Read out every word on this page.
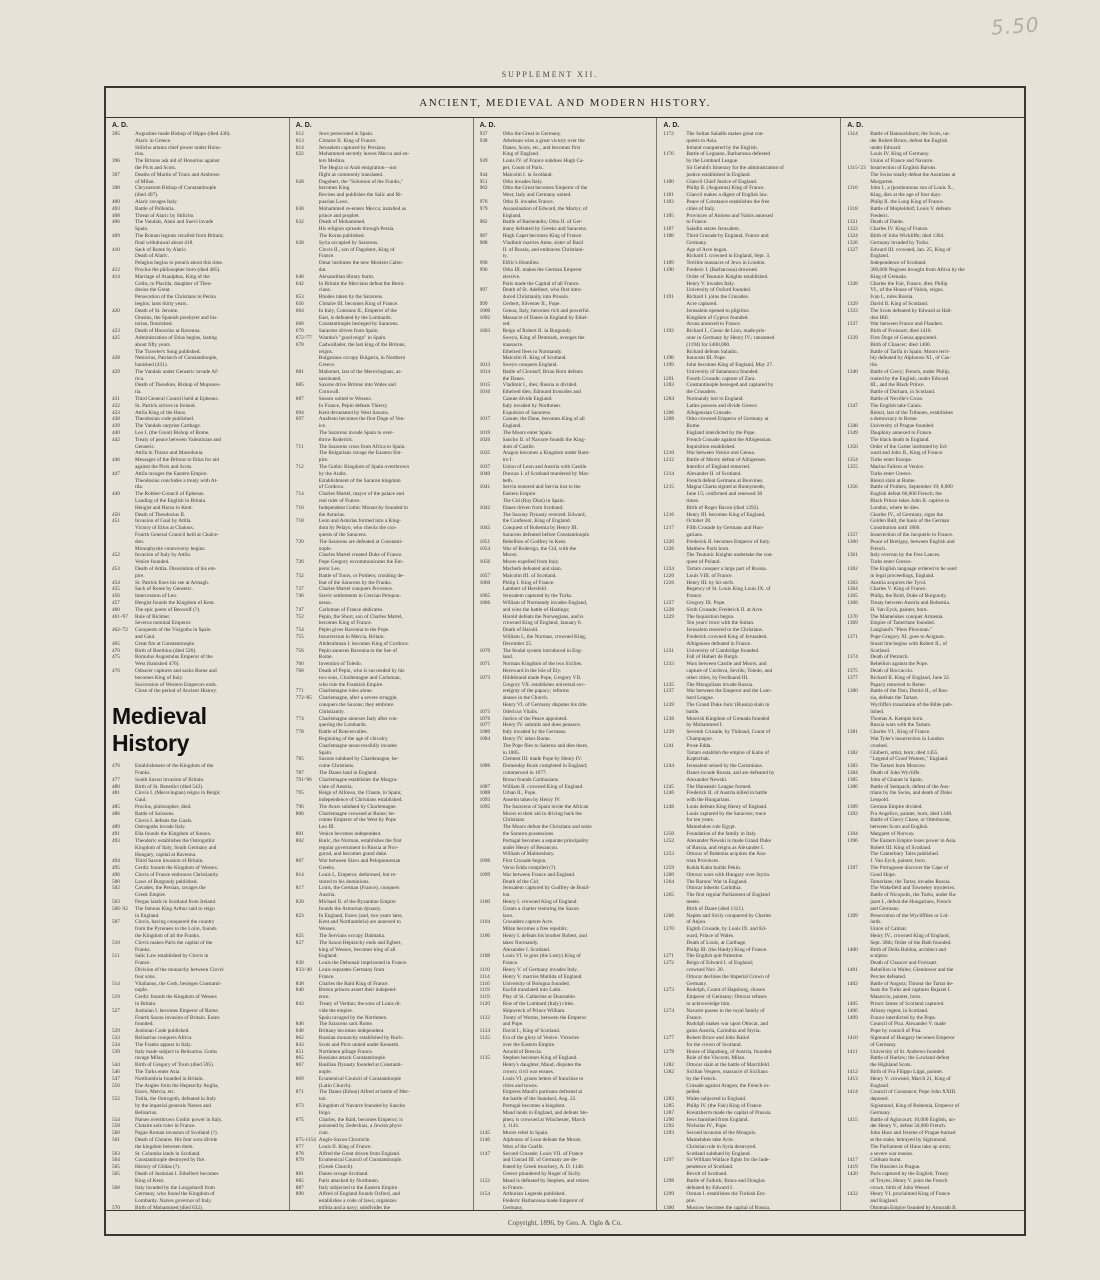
5.50
SUPPLEMENT XII.
ANCIENT, MEDIEVAL AND MODERN HISTORY.
A. D.
395	Augustine made Bishop of Hippo (died 430).
Alaric in Greece.
Stilicho attains chief power under Hono-
rius.
396	The Britons ask aid of Honorius against
the Picts and Scots.
397	Deaths of Martin of Tours and Ambrose
of Milan.
398	Chrysostom Bishop of Constantinople
(died 407).
400	Alaric ravages Italy.
403	Battle of Pollentia.
408	Threat of Alaric by Stilicho.
406	The Vandals, Alani and Suevi invade
Spain.
409	The Roman legions recalled from Britain;
final withdrawal about 418.
410	Sack of Rome by Alaric.
Death of Alaric.
Pelagius begins to preach about this time.
412	Proclus the philosopher born (died 485).
414	Marriage of Ataulphus, King of the
Goths, to Placida, daughter of Theo-
dosius the Great.
Persecution of the Christians in Persia
begins; lasts thirty years.
420	Death of St. Jerome.
Orosius, the Spanish presbyter and his-
torian, flourished.
423	Death of Honorius at Ravenna.
425	Administration of Etius begins, lasting
about fifty years.
The Traveler's Song published.
428	Nestorius, Patriarch of Constantinople,
banished (431).
429	The Vandals under Genseric invade Af-
rica.
Death of Theodore, Bishop of Mopsues-
tia.
431	Third General Council held at Ephesus.
432	St. Patrick arrives in Ireland.
433	Attila King of the Huns.
438	Theodosian code published.
439	The Vandals surprise Carthage.
440	Leo I. (the Great) Bishop of Rome.
442	Treaty of peace between Valentinian and
Genseric.
Attila in Thrace and Macedonia.
446	Messages of the Britons to Etius for aid
against the Picts and Scots.
447	Attila ravages the Eastern Empire.
Theodosius concludes a treaty with At-
tila.
449	The Robber-Council of Ephesus.
Landing of the English in Britain.
Hengist and Horsa in Kent.
450	Death of Theodosius II.
451	Invasion of Gaul by Attila.
Victory of Etius at Chalons.
Fourth General Council held at Chalce-
don.
Monophysite controversy begins.
452	Invasion of Italy by Attila.
Venice founded.
453	Death of Attila. Dissolution of his em-
pire.
454	St. Patrick fixes his see at Armagh.
455	Sack of Rome by Genseric.
456	Intercession of Leo.
457	Hengist founds the Kingdom of Kent.
460	The epic poem of Beowulf (?).
461-'67	Rule of Ricimer.
Severus nominal Emperor.
462-'72	Conquests of the Visigoths in Spain
and Gaul.
465	Great fire at Constantinople.
470	Birth of Boethius (died 526).
475	Romulus Augustulus Emperor of the
West (banished 476).
476	Odoacer captures and sacks Rome and
becomes King of Italy.
Succession of Western Emperors ends.
Close of the period of Ancient History.
Medieval History
476	Establishment of the Kingdom of the
Franks.
477	South Saxon invasion of Britain.
480	Birth of St. Benedict (died 543).
481	Clovis I. (Merovingian) reigns in Belgic
Gaul.
485	Proclus, philosopher, died.
486	Battle of Soissons.
Clovis I. defeats the Gauls.
489	Ostrogoths invade Italy.
491	Ella founds the Kingdom of Sussex.
493	Theodoric establishes the Ostrogothic
Kingdom of Italy, South Germany and
Hungary, capital at Ravenna.
494	Third Saxon invasion of Britain.
495	Cerdic founds the Kingdom of Wessex.
496	Clovis of France embraces Christianity.
500	Laws of Burgundy published.
502	Cavades, the Persian, ravages the
Greek Empire.
503	Fergus lands in Scotland from Ireland.
506-'42	The famous King Arthur said to reign
in England.
507	Clovis, having conquered the country
from the Pyrenees to the Loire, founds
the Kingdom of all the Franks.
510	Clovis makes Paris the capital of the
Franks.
511	Salic Law established by Clovis in
France.
Division of the monarchy between Clovis'
four sons.
514	Vitalianus, the Goth, besieges Constanti-
nople.
519	Cerdic founds the Kingdom of Wessex
in Britain.
527	Justinian I. becomes Emperor of Rome.
Fourth Saxon invasion of Britain. Essex
founded.
529	Justinian Code published.
533	Belisarius conquers Africa.
534	The Franks appear in Italy.
539	Italy made subject to Belisarius. Goths
ravage Milan.
544	Birth of Gregory of Tours (died 595).
546	The Turks enter Asia.
547	Northumbria founded in Britain.
550	The Angles form the Heptarchy Anglia,
Essex, Mercia, etc.
552	Totila, the Ostrogoth, defeated in Italy
by the imperial generals Narses and
Belisarius.
554	Narses overthrows Gothic power in Italy.
558	Clotaire sole ruler in France.
560	Pagan Roman invasion of Scotland (?).
561	Death of Clotaire. His four sons divide
the kingdom between them.
563	St. Columba lands in Scotland.
564	Constantinople destroyed by fire.
565	History of Gildas (?).
565	Death of Justinian I. Ethelbert becomes
King of Kent.
568	Italy invaded by the Longobardi from
Germany, who found the Kingdom of
Lombardy. Narses governor of Italy.
570	Birth of Mohammed (died 632).
A. D.
612	Jews persecuted in Spain.
613	Clotaire II. King of France.
614	Jerusalem captured by Persians.
622	Mohammed secretly leaves Mecca and en-
ters Medina.
The Hegira or Arab emigration—not
flight as commonly translated.
628	Dagobert, the "Solomon of the Franks,"
becomes King.
Revises and publishes the Salic and Ri-
puarian Laws.
630	Mohammed re-enters Mecca; installed as
prince and prophet.
632	Death of Mohammed.
His religion spreads through Persia.
The Koran published.
638	Syria occupied by Saracens.
Clovis II., son of Dagobert, King of
France.
Omar institutes the new Moslem Calen-
dar.
640	Alexandrian library burnt.
642	In Britain the Mercians defeat the Berni-
cians.
653	Rhodes taken by the Saracens.
656	Clotaire III. becomes King of France.
664	In Italy, Constans II., Emperor of the
East, is defeated by the Lombards.
668	Constantinople besieged by Saracens.
670	Saracens driven from Spain.
672-'77	Wamba's "good reign" in Spain.
678	Cadwallader, the last king of the Britons,
reigns.
Bulgarians occupy Bulgaria, in Northern
Greece.
681	Mahomet, last of the Merovingians, as-
sassinated.
685	Saxons drive Britons into Wales and
Cornwall.
687	Sussex united to Wessex.
In France, Pepin defeats Thierry.
694	Kent devastated by West Saxons.
697	Anafesto becomes the first Doge of Ven-
ice.
The Saracens invade Spain to over-
throw Roderick.
711	The Saracens cross from Africa to Spain.
The Bulgarians ravage the Eastern Em-
pire.
712	The Gothic Kingdom of Spain overthrown
by the Arabs.
Establishment of the Saracen kingdom
of Cordova.
714	Charles Martel, mayor of the palace and
real ruler of France.
716	Independent Gothic Monarchy founded in
the Asturias.
718	Leon and Asturias formed into a King-
dom by Pelayo, who checks the con-
quests of the Saracens.
720	The Saracens are defeated at Constanti-
nople.
Charles Martel created Duke of France.
726	Pope Gregory excommunicates the Em-
peror Leo.
732	Battle of Tours, or Poitiers; crushing de-
feat of the Saracens by the Franks.
737	Charles Martel conquers Provence.
746	Slavic settlements in Grecian Pelopon-
nesus.
747	Carloman of France abdicates.
752	Pepin, the Short, son of Charles Martel,
becomes King of France.
754	Pepin gives Ravenna to the Pope.
755	Insurrection in Mercia, Britain.
Abderahman I. becomes King of Cordova.
756	Pepin annexes Ravenna to the See of
Rome.
760	Invention of Toledo.
768	Death of Pepin, who is succeeded by his
two sons, Charlemagne and Carloman,
who rule the Frankish Empire.
771	Charlemagne rules alone.
772-'85	Charlemagne, after a severe struggle,
conquers the Saxons; they embrace
Christianity.
774	Charlemagne annexes Italy after con-
quering the Lombards.
778	Battle of Roncesvalles.
Beginning of the age of chivalry.
Charlemagne unsuccessfully invades
Spain.
785	Saxons subdued by Charlemagne, be-
come Christians.
787	The Danes land in England.
791-'96	Charlemagne establishes the Margra-
viate of Austria.
795	Reign of Alfonso, the Chaste, in Spain;
independence of Christians established.
796	The Avars subdued by Charlemagne.
800	Charlemagne crowned at Rome; be-
comes Emperor of the West by Pope
Leo III.
801	Venice becomes independent.
802	Ruric, the Norman, establishes the first
regular government in Russia at Nov-
gorod, and becomes grand duke.
807	War between Slavs and Peloponnesian
Greeks.
814	Louis I., Emperor, dethroned, but re-
stored to his dominions.
817	Louis, the German (France), conquers
Austria.
820	Michael II. of the Byzantine Empire
founds the Armorian dynasty.
823	In England, Essex (and, two years later,
Kent and Northumbria) are annexed to
Wessex.
825	The Servians occupy Dalmatia.
827	The Saxon Heptarchy ends and Egbert,
king of Wessex, becomes king of all
England.
830	Louis the Debonair imprisoned in France.
833-'40	Louis separates Germany from
France.
838	Charles the Bald King of France.
840	Breton princes assert their independ-
ence.
843	Treaty of Verdun; the sons of Louis di-
vide the empire.
Spain ravaged by the Northmen.
846	The Saracens sack Rome.
848	Brittany becomes independent.
862	Russian monarchy established by Ruric.
843	Scots and Picts united under Kenneth.
851	Northmen pillage France.
865	Russians attack Constantinople.
867	Basilian Dynasty founded at Constanti-
nople.
869	Ecumenical Council of Constantinople
(Latin Church).
871	The Danes (Ethon) Alfred at battle of Mer-
ton.
873	Kingdom of Navarre founded by Sancho
Inigo.
875	Charles, the Bald, becomes Emperor; is
poisoned by Zedechias, a Jewish physi-
cian.
875-1154 Anglo-Saxon Chronicle.
877	Louis II. King of France.
878	Alfred the Great driven from England.
879	Ecumenical Council of Constantinople.
(Greek Church).
881	Danes ravage Scotland.
885	Paris attacked by Northmen.
887	Italy subjected to the Eastern Empire.
890	Alfred of England founds Oxford, and
establishes a code of laws; organizes
militia and a navy; subdivides the
A. D.
937	Otho the Great in Germany.
938	Athelstan wins a great victory over the
Danes, Scots, etc., and becomes first
King of England.
939	Louis IV. of France subdues Hugh Ca-
pet, Count of Paris.
944	Malcolm I. in Scotland.
951	Otho invades Italy.
962	Otho the Great becomes Emperor of the
West; Italy and Germany united.
976	Otho II. invades France.
979	Assassination of Edward, the Martyr, of
England.
982	Battle of Basientello; Otho II. of Ger-
many defeated by Greeks and Saracens.
987	Hugh Capet becomes King of France.
988	Vladimir marries Anne, sister of Basil
II. of Russia, and embraces Christiani-
ty.
990	Elfric's Homilies.
996	Otho III. makes the German Emperor
elective.
Paris made the Capital of all France.
997	Death of St. Adelbert, who first intro-
duced Christianity into Prussia.
999	Gerbert, Silvester II., Pope.
1000	Genoa, Italy, becomes rich and powerful.
1002	Massacre of Danes in England by Ethel-
red.
1003	Reign of Robert II. in Burgundy.
Sweyn, King of Denmark, avenges the
massacre.
Ethelred flees to Normandy.
Malcolm II. King of Scotland.
1013	Sweyn conquers England.
1014	Battle of Clontarf; Brian Boru defeats
the Danes.
1015	Vladimir I., dies; Russia is divided.
1016	Ethelred dies; Edmund Ironsides and
Canute divide England.
Italy invaded by Northmen.
Expulsion of Saracens.
1017	Canute, the Dane, becomes King of all
England.
1019	The Moors enter Spain.
1026	Sancho II. of Navarre founds the King-
dom of Castile.
1035	Aragon becomes a Kingdom under Ram-
iro I.
1037	Union of Leon and Austria with Castile.
1040	Duncan I. of Scotland murdered by Mac-
beth.
1041	Servia restored and Servia lost to the
Eastern Empire.
The Cid (Ruy Diaz) in Spain.
1042	Danes driven from Scotland.
The Saxony Dynasty restored. Edward,
the Confessor, King of England.
1045	Conquest of Bohemia by Henry III.
Saracens defeated before Constantinople.
1051	Rebellion of Godfrey in Kent.
1054	War of Roderigo, the Cid, with the
Moors.
1056	Moors expelled from Italy.
Macbeth defeated and slain.
1057	Malcolm III. of Scotland.
1060	Philip I. King of France.
Lambert of Hersfeld.
1065	Jerusalem captured by the Turks.
1066	William of Normandy invades England,
and wins the battle of Hastings;
Harold defeats the Norwegians, and is
crowned King of England, January 6.
Death of Harold.
William I., the Norman, crowned King,
December 25.
1070	The feudal system introduced in Eng-
land.
1071	Norman Kingdom of the two Sicilies.
Hereward in the Isle of Ely.
1073	Hildebrand made Pope, Gregory VII.
Gregory VII. establishes universal sov-
ereignty of the papacy; reforms
abuses in the Church.
Henry VI. of Germany disputes his title.
1075	Odericus Vitalis.
1076	Justice of the Peace appointed.
1077	Henry IV. submits and does penance.
1080	Italy invaded by the Germans.
1084	Henry IV. takes Rome.
The Pope flies to Salerno and dies there,
in 1085.
Clement III. made Pope by Henry IV.
1086	Domesday Book completed in England;
commenced in 1077.
Bruno founds Carthusians.
1087	William II. crowned King of England.
1088	Urban II., Pope.
1093	Anselm taken by Henry IV.
1095	The Saracens of Spain invite the African
Moors to their aid in driving back the
Christians.
The Moors defeat the Christians and seize
the Saracen possessions.
Portugal becomes a separate principality
under Henry of Besancon.
William of Malmesbury.
1096	First Crusade begun.
Verso Edda compiled (?).
1099	War between France and England.
Death of the Cid.
Jerusalem captured by Godfrey de Bouil-
lon.
1100	Henry I. crowned King of England.
Grants a charter restoring the Saxon
laws.
1104	Crusaders capture Acre.
Milan becomes a free republic.
1106	Henry I. defeats his brother Robert, and
takes Normandy.
Alexander I. Scotland.
1108	Louis VI. le gros (the Lusty) King of
France.
1110	Henry V. of Germany invades Italy.
1114	Henry V. marries Matilda of England.
1116	University of Bologna founded.
1119	Euclid translated into Latin.
1119	Play of St. Catherine at Dunstable.
1120	Rise of the Lombard (Italy) cities.
Shipwreck of Prince William.
1122	Treaty of Worms, between the Emperor
and Pope.
1124	David I., King of Scotland.
1125	Era of the glory of Venice. Victories
over the Eastern Empire.
Arnold of Brescia.
1135	Stephen becomes King of England.
Henry's daughter, Maud, disputes the
crown; civil war ensues.
Louis VI. grants letters of franchise to
cities and towns.
Empress Maud's partisans defeated at
the battle of the Standard, Aug. 22.
Portugal becomes a kingdom.
Maud lands in England, and defeats Ste-
phen; is crowned at Winchester, March
3, 1141.
1145	Moors rebel in Spain.
1146	Alphonso of Leon defeats the Moors.
Wars of the Guelfs.
1147	Second Crusade; Louis VII. of France
and Conrad III. of Germany are de-
feated by Greek treachery, A. D. 1148.
Greece plundered by Roger of Sicily.
1152	Maud is defeated by Stephen, and retires
to France.
1154	Arthurian Legends published.
Frederic Barbarossa made Emperor of
Germany.
A. D.
1172	The Sultan Saladin makes great con-
quests in Asia.
Ireland conquered by the English.
1176	Battle of Legnano. Barbarossa defeated
by the Lombard League.
Sir Gerald's Itinerary for the administration of
justice established in England.
1180	Glanvil Chief Justice of England.
Philip II. (Augustus) King of France.
1181	Glanvil makes a digest of English law.
1183	Peace of Constance establishes the free
cities of Italy.
1185	Provinces of Amiens and Valois annexed
to France.
1187	Saladin seizes Jerusalem.
1188	Third Crusade by England, France and
Germany.
Age of Acre began.
Richard I. crowned in England, Sept. 3.
1189	Terrible massacre of Jews in London.
1190	Frederic I. (Barbarossa) drowned.
Order of Teutonic Knights established.
Henry V. invades Italy.
University of Oxford founded.
1191	Richard I. joins the Crusades.
Acre captured.
Jerusalem opened to pilgrims.
Kingdom of Cyprus founded.
Arona annexed to France.
1192	Richard I., Coeur de Lion, made pris-
oner in Germany by Henry IV.; ransomed
(1194) for £400,000.
Richard defeats Saladin.
1198	Innocent III. Pope.
1199	John becomes King of England, May 27.
University of Salamanca founded.
1201	Fourth Crusade; capture of Zara.
1203	Constantinople besieged and captured by
the Crusaders.
1204	Normandy lost to England.
Latins possess and divide Greece.
1206	Albigensian Crusade.
1208	Otho crowned Emperor of Germany at
Rome.
England interdicted by the Pope.
French Crusade against the Albigensian.
Inquisition established.
1210	War between Venice and Genoa.
1212	Battle of Muret; defeat of Albigenses.
Interdict of England removed.
1214	Alexander II. of Scotland.
French defeat Germans at Bouvines.
1215	Magna Charta signed at Runnymede,
June 15; confirmed and renewed 30
times.
Birth of Roger Bacon (died 1292).
1216	Henry III. becomes King of England,
October 28.
1217	Fifth Crusade by Germans and Hun-
garians.
1220	Frederick II. becomes Emperor of Italy.
1226	Matthew Paris born.
The Teutonic Knights undertake the con-
quest of Poland.
1224	Tartars conquer a large part of Russia.
1226	Louis VIII. of France.
1226	Henry III. by his serfs.
Regency of St. Louis King Louis IX. of
France.
1227	Gregory IX. Pope.
1228	Sixth Crusade; Frederick II. at Acre.
1229	The Inquisition begun.
Ten years' truce with the Sultan.
Jerusalem restored to the Christians.
Frederick crowned King of Jerusalem.
Albigenses defeated in France.
1231	University of Cambridge founded.
Fall of Hubert de Burgh.
1233	Wars between Castile and Moors, and
capture of Cordova, Seville, Toledo, and
other cities, by Ferdinand III.
1235	The Mongolians invade Russia.
1237	War between the Emperor and the Lom-
bard League.
1239	The Grand Duke Juric (Russia) slain in
battle.
1238	Moorish Kingdom of Grenada founded
by Mohammed I.
1239	Seventh Crusade, by Thibaud, Count of
Champagne.
1241	Prose Edda.
Tartars establish the empire of Kahn of
Kaptschak.
1244	Jerusalem seized by the Carismians.
Danes invade Russia, and are defeated by
Alexander Newski.
1245	The Hanseatic League formed.
1246	Frederick II. of Austria killed in battle
with the Hungarians.
1248	Louis defeats King Henry of England.
Louis captured by the Saracens; truce
for ten years.
Mamelukes rule Egypt.
1250	Foundation of the family in Italy.
1252	Alexander Newski is made Grand Duke
of Russia, and reigns as Alexander I.
1253	Ottocar of Bohemia acquires the Aus-
trian Provinces.
1259	Kuhla Kahn builds Pekin.
1260	Ottocar wars with Hungary over Styria.
1264	The Barons' War in England.
Ottocar inherits Carinthia.
1265	The first regular Parliament of England
meets.
Birth of Dante (died 1321).
1266	Naples and Sicily conquered by Charles
of Anjou.
1270	Eighth Crusade, by Louis IX. and Ed-
ward, Prince of Wales.
Death of Louis, at Carthage.
Philip III. (the Hardy) King of France.
1271	The English quit Palestine.
1272	Reign of Edward I. of England;
crowned Nov. 20.
Ottocar declines the Imperial Crown of
Germany.
1273	Rudolph, Count of Hapsburg, chosen
Emperor of Germany; Ottocar refuses
to acknowledge him.
1274	Navarre passes to the royal family of
France.
Rudolph makes war upon Ottocar, and
gains Austria, Carinthia and Styria.
1277	Robert Bruce and John Baliol
for the crown of Scotland.
1278	House of Hapsburg, of Austria, founded.
Rule of the Visconti, Milan.
1282	Ottocar slain at the battle of Marchfeld.
1282	Sicilian Vespers, massacre of Sicilians
by the French.
Crusade against Aragon; the French ex-
pelled.
1283	Wales subjected to England.
1285	Philip IV. (the Fair) King of France.
1287	Kreutzherrn made the capital of Prussia.
1290	Jews banished from England.
1292	Nicholas IV., Pope.
1293	Second invasion of the Mongols.
Mamelukes take Acre.
Christian rule in Syria destroyed.
Scotland subdued by England.
1297	Sir William Wallace fights for the inde-
pendence of Scotland.
Revolt of Scotland.
1298	Battle of Falkirk; Bruce and Douglas
defeated by Edward I.
1299	Osman I. establishes the Turkish Em-
pire.
1300	Moscow becomes the capital of Russia.
A. D.
1314	Battle of Bannockburn; the Scots, un-
der Robert Bruce, defeat the English
under Edward.
Louis IV. King of Germany.
Union of France and Navarre.
1315-'23 Insurrection of English Barons.
The Swiss totally defeat the Austrians at
Morgarten.
1316	John I., a (posthumous son of Louis X.,
King, dies at the age of four days.
Philip II. the Long King of France.
1318	Battle of Mopleldorf; Louis V. defeats
Frederic.
1321	Death of Dante.
1322	Charles IV. King of France.
1324	Birth of John Wickliffe; died 1384.
1326	Germany invaded by Turks.
1327	Edward III. crowned, Jan. 25, King of
England.
Independence of Scotland.
300,000 Negroes brought from Africa by the
King of Grenada.
1328	Charles the Fair, France, dies; Philip
VI., of the House of Valois, reigns.
Ivan I., rules Russia.
1329	David II. King of Scotland.
1333	The Scots defeated by Edward at Hali-
don Hill.
1337	War between France and Flanders.
Birth of Froissart; died 1410.
1339	First Doge of Genoa appointed.
Birth of Chaucer; died 1400.
Battle of Tarifa in Spain; Moors terri-
bly defeated by Alphonso XI., of Cas-
tile.
1340	Battle of Crecy; French, under Philip,
routed by the English, under Edward
III., and the Black Prince.
Battle of Durham, in Scotland.
Battle of Neville's Cross.
1347	The English take Calais.
Rienzi, last of the Tribunes, establishes
a democracy in Rome.
1348	University of Prague founded.
1349	Dauphiny annexed to France.
The black death in England.
1350	Order of the Garter instituted by Ed-
ward and John II., King of France.
1354	Turks enter Europe.
1355	Marino Faliero at Venice.
Turks enter Greece.
Rienzi slain at Rome.
1356	Battle of Poitiers, September 19; 8,000
English defeat 60,000 French; the
Black Prince takes John II. captive to
London, where he dies.
Charles IV., of Germany, signs the
Golden Bull, the basis of the German
Constitution until 1806.
1357	Insurrection of the Jacquerie in France.
1360	Peace of Bretigny, between English and
French.
1361	Italy overrun by the Free Lances.
Turks enter Greece.
1362	The English language ordered to be used
in legal proceedings, England.
1363	Austria acquires the Tyrol.
1364	Charles V. King of France.
1365	Philip, the Bold, Duke of Burgundy.
1368	Treaty between Austria and Bohemia.
H. Van Eyck, painter, born.
1370	The Mamelukes conquer Armenia.
1369	Empire of Tamerlane founded.
Langland's "Piers Plowman."
1371	Pope Gregory XI. goes to Avignon.
Stuart line begins with Robert II., of
Scotland.
1374	Death of Petrarch.
Rebellion against the Pope.
1375	Death of Boccaccio.
1377	Richard II. King of England, June 22.
Papacy removed to Rome.
1380	Battle of the Don; Dmitri II., of Rus-
sia, defeats the Tartars.
Wycliffe's translation of the Bible pub-
lished.
Thomas A. Kempis born.
Russia wars with the Tartars.
1381	Charles VI., King of France.
Wat Tyler's insurrection in London
crushed.
1382	Ghiberti, artist, born; died 1455.
"Legend of Good Women," England.
1383	The Tartars burn Moscow.
1384	Death of John Wycliffe.
1385	John of Ghaunt in Spain.
1386	Battle of Sempach; defeat of the Aus-
trians by the Swiss, and death of Duke
Leopold.
1389	German Empire divided.
1392	Fra Angelico, painter, born; died 1448.
Battle of Chevy Chase, or Otterburne,
between Scots and English.
1394	Margaret of Norway.
1396	The Eastern Empire loses power in Asia.
Robert III. King of Scotland.
The Canterbury Tales published.
J. Van Eyck, painter, born.
1397	The Portuguese discover the Cape of
Good Hope.
Tamerlane, the Tartar, invades Russia.
The Wakefield and Towneley mysteries.
Battle of Nicopolis, the Turks, under Ba-
jazet I., defeat the Hungarians, French
and Germans.
1399	Persecution of the Wycliffites or Lol-
lards.
Union of Calmar.
Henry IV., crowned King of England,
Sept. 30th; Order of the Bath founded.
1400	Birth of Della Robbia, architect and
sculptor.
Death of Chaucer and Froissart.
1401	Rebellion in Wales; Glendower and the
Percies defeated.
1402	Battle of Angora; Timour the Tartar de-
feats the Turks and captures Bajazet I.
Masaccio, painter, born.
1405	Prince James of Scotland captured.
1406	Albany regent, in Scotland.
1409	France interdicted by the Pope.
Council of Pisa. Alexander V. made
Pope by council of Pisa.
1410	Sigmund of Hungary becomes Emperor
of Germany.
1411	University of St. Andrews founded.
Battle of Harlaw; the Lowland defeat
the Highland Scots.
1412	Birth of Fra Filippo Lippi, painter.
1413	Henry V. crowned, March 21, King of
England.
1414	Council of Constance; Pope John XXIII.
deposed.
Sigismund, King of Bohemia, Emperor of
Germany.
1415	Battle of Agincourt; 10,000 English, un-
der Henry V., defeat 50,000 French.
John Huss and Jerome of Prague burned
at the stake, betrayed by Sigismund.
The Parliament of Huns take up arms;
a severe war ensues.
1417	Cobham burnt.
1419	The Hussites in Prague.
1420	Paris captured by the English; Treaty
of Troyes; Henry V. joins the French
crown, birth of John Wessel.
1422	Henry VI. proclaimed King of France
and England.
Ottoman Empire founded by Amurath II.
Copyright, 1896, by Geo. A. Ogle & Co.
